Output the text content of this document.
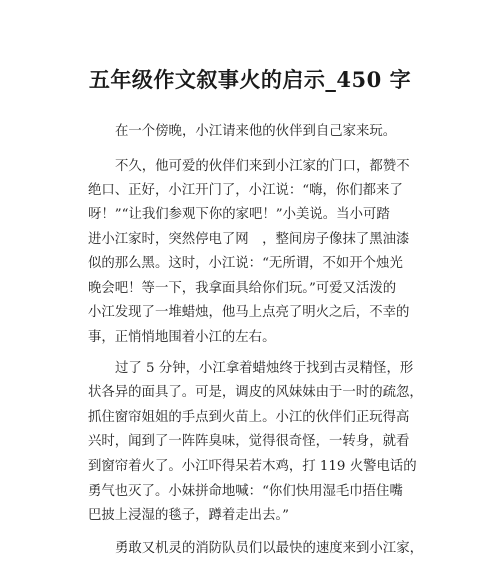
五年级作文叙事火的启示_450 字
在一个傍晚，小江请来他的伙伴到自己家来玩。
不久，他可爱的伙伴们来到小江家的门口，都赞不
绝口、正好，小江开门了，小江说：“嗨，你们都来了
呀！”“让我们参观下你的家吧！”小美说。当小可踏
进小江家时，突然停电了网　，整间房子像抹了黑油漆
似的那么黑。这时，小江说：“无所谓，不如开个烛光
晚会吧！等一下，我拿面具给你们玩。”可爱又活泼的
小江发现了一堆蜡烛，他马上点亮了明火之后，不幸的
事，正悄悄地围着小江的左右。
过了 5 分钟，小江拿着蜡烛终于找到古灵精怪，形
状各异的面具了。可是，调皮的风妹妹由于一时的疏忽，
抓住窗帘姐姐的手点到火苗上。小江的伙伴们正玩得高
兴时，闻到了一阵阵臭味，觉得很奇怪，一转身，就看
到窗帘着火了。小江吓得呆若木鸡，打 119 火警电话的
勇气也灭了。小妹拼命地喊：“你们快用湿毛巾捂住嘴
巴披上浸湿的毯子，蹲着走出去。”
勇敢又机灵的消防队员们以最快的速度来到小江家，
